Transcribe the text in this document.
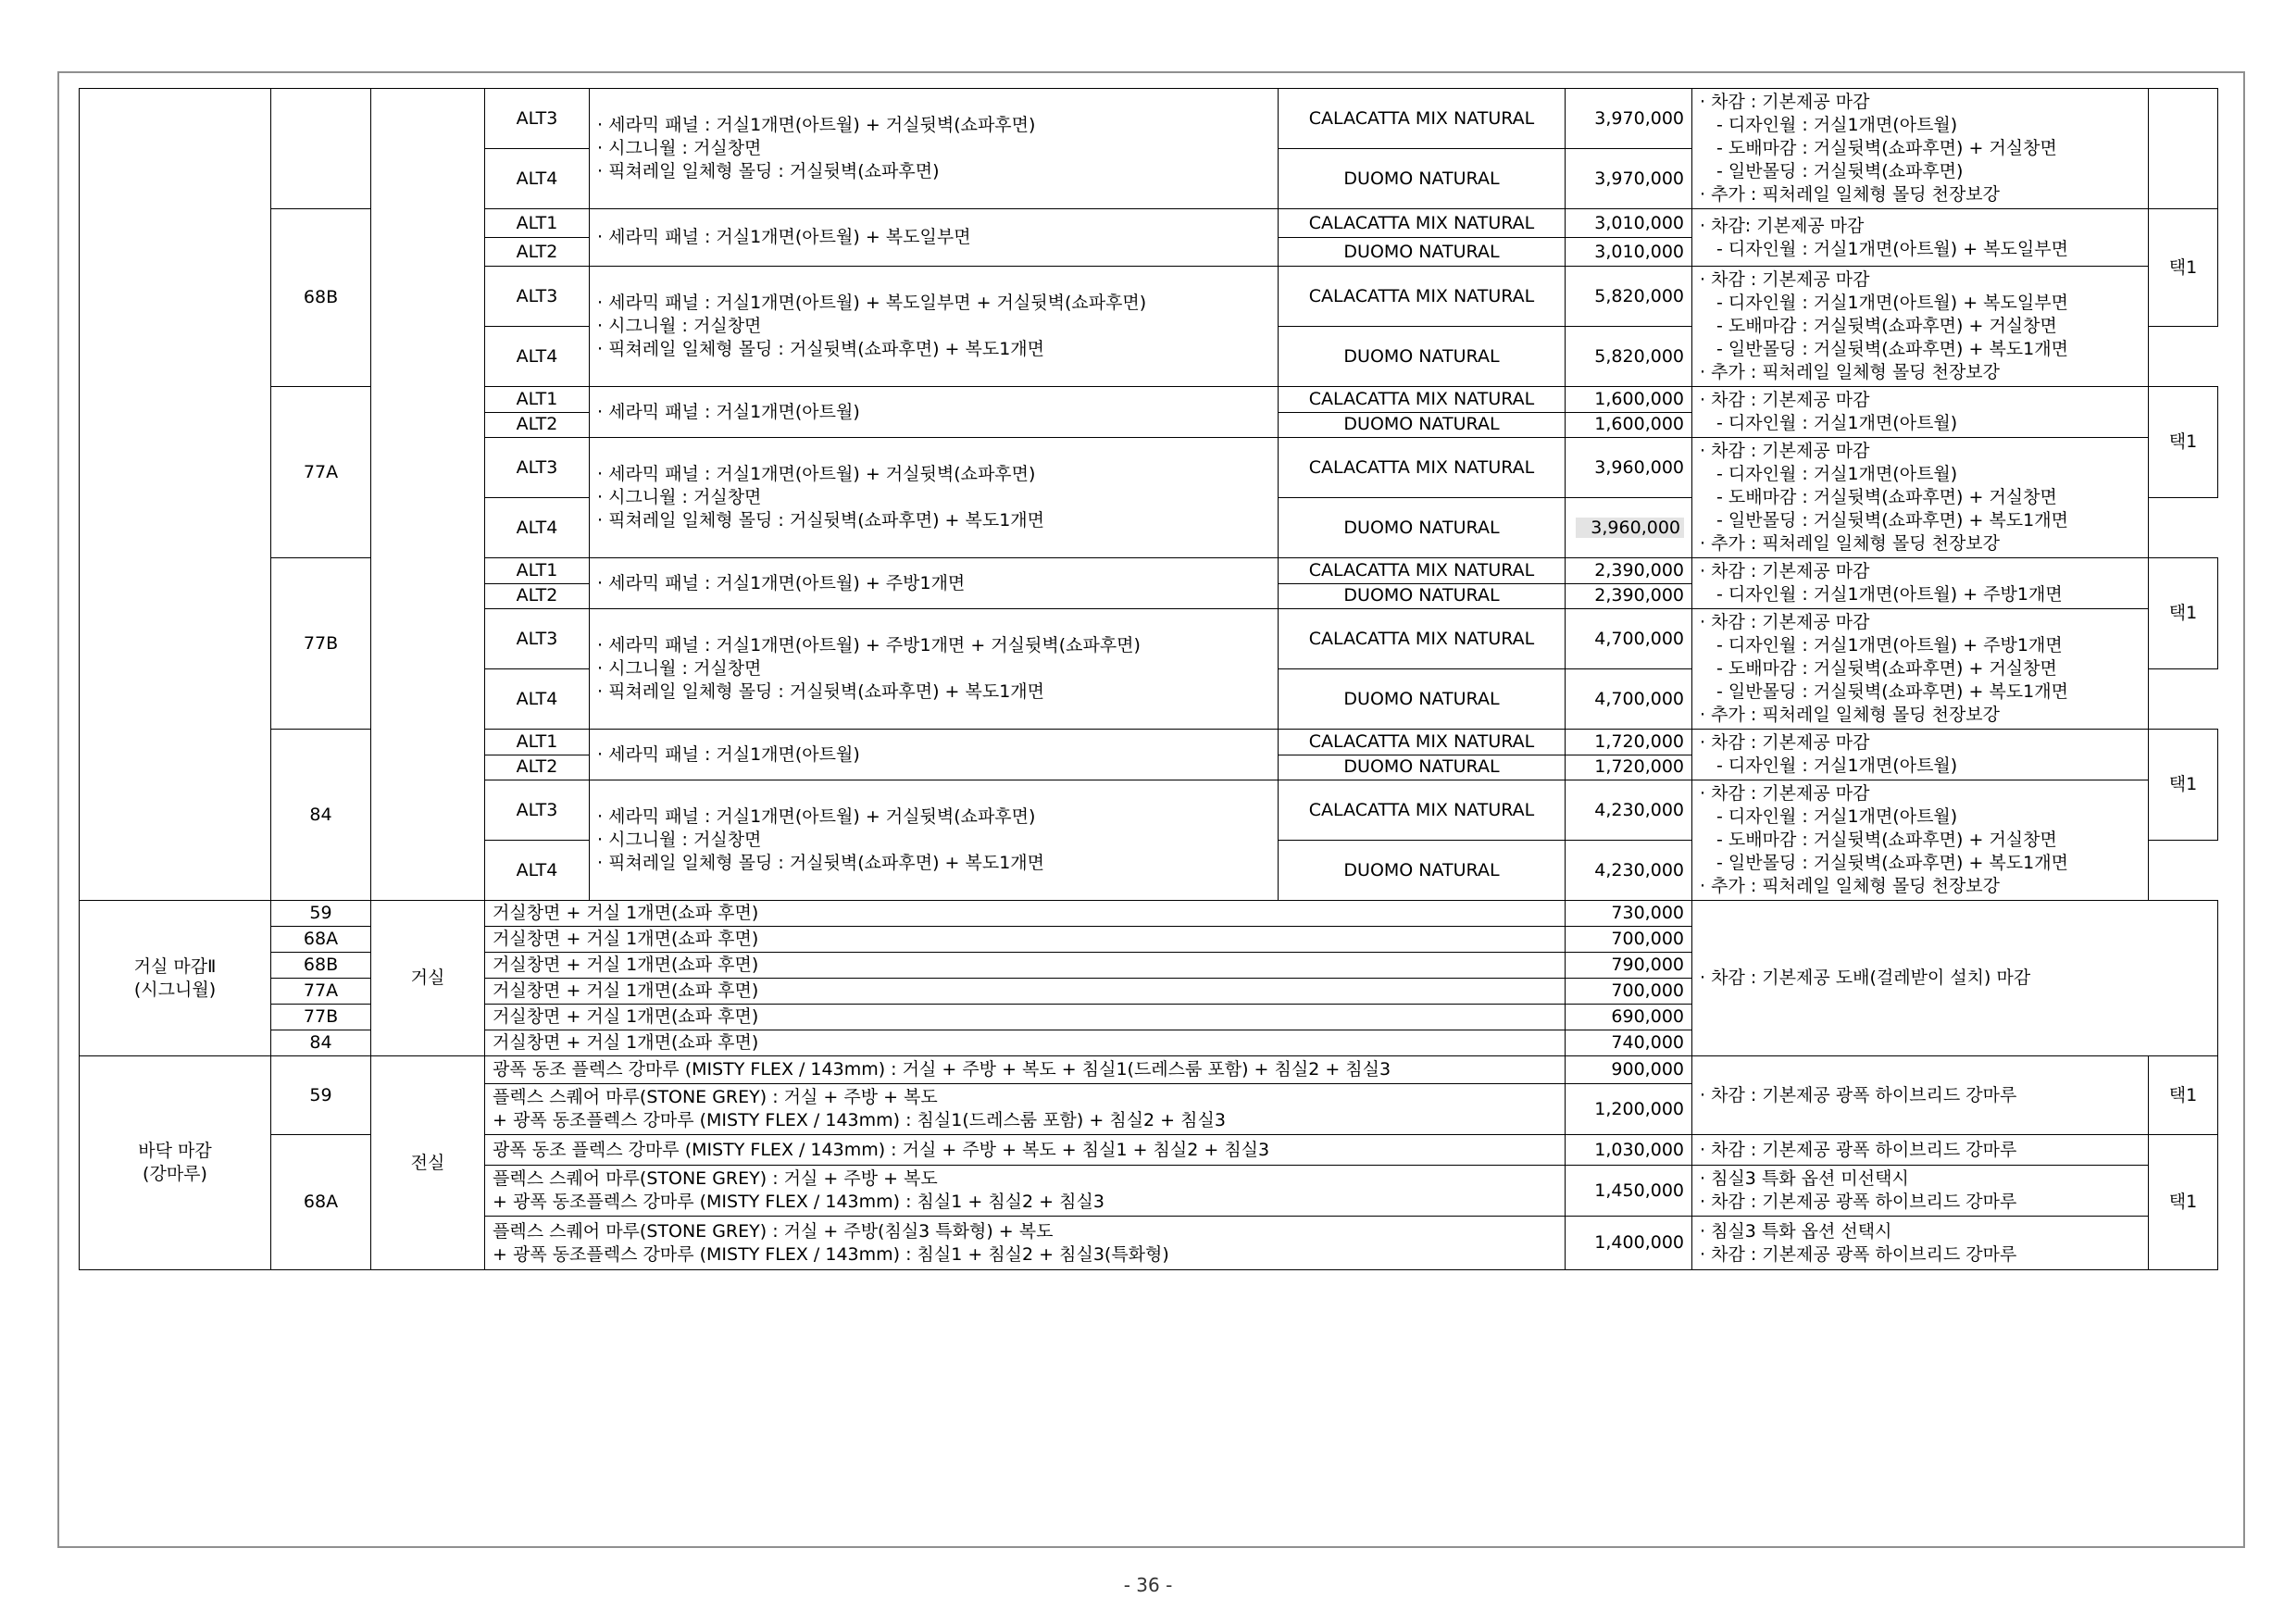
			ALT3	· 세라믹 패널 : 거실1개면(아트월) + 거실뒷벽(쇼파후면)
· 시그니월 : 거실창면
· 픽쳐레일 일체형 몰딩 : 거실뒷벽(쇼파후면)	CALACATTA MIX NATURAL	3,970,000	· 차감 : 기본제공 마감
- 디자인월 : 거실1개면(아트월)
- 도배마감 : 거실뒷벽(쇼파후면) + 거실창면
- 일반몰딩 : 거실뒷벽(쇼파후면)
· 추가 : 픽처레일 일체형 몰딩 천장보강	

			ALT4		DUOMO NATURAL	3,970,000		
	68B		ALT1	· 세라믹 패널 : 거실1개면(아트월) + 복도일부면	CALACATTA MIX NATURAL	3,010,000	· 차감: 기본제공 마감
- 디자인월 : 거실1개면(아트월) + 복도일부면	택1
			ALT2		DUOMO NATURAL	3,010,000		
			ALT3	· 세라믹 패널 : 거실1개면(아트월) + 복도일부면 + 거실뒷벽(쇼파후면)
· 시그니월 : 거실창면
· 픽쳐레일 일체형 몰딩 : 거실뒷벽(쇼파후면) + 복도1개면	CALACATTA MIX NATURAL	5,820,000	· 차감 : 기본제공 마감
- 디자인월 : 거실1개면(아트월) + 복도일부면
- 도배마감 : 거실뒷벽(쇼파후면) + 거실창면
- 일반몰딩 : 거실뒷벽(쇼파후면) + 복도1개면
· 추가 : 픽처레일 일체형 몰딩 천장보강	

			ALT4		DUOMO NATURAL	5,820,000		
	77A		ALT1	· 세라믹 패널 : 거실1개면(아트월)	CALACATTA MIX NATURAL	1,600,000	· 차감 : 기본제공 마감
- 디자인월 : 거실1개면(아트월)	택1
			ALT2		DUOMO NATURAL	1,600,000		
			ALT3	· 세라믹 패널 : 거실1개면(아트월) + 거실뒷벽(쇼파후면)
· 시그니월 : 거실창면
· 픽쳐레일 일체형 몰딩 : 거실뒷벽(쇼파후면) + 복도1개면	CALACATTA MIX NATURAL	3,960,000	· 차감 : 기본제공 마감
- 디자인월 : 거실1개면(아트월)
- 도배마감 : 거실뒷벽(쇼파후면) + 거실창면
- 일반몰딩 : 거실뒷벽(쇼파후면) + 복도1개면
· 추가 : 픽처레일 일체형 몰딩 천장보강	

			ALT4		DUOMO NATURAL	3,960,000		
	77B		ALT1	· 세라믹 패널 : 거실1개면(아트월) + 주방1개면	CALACATTA MIX NATURAL	2,390,000	· 차감 : 기본제공 마감
- 디자인월 : 거실1개면(아트월) + 주방1개면	택1
			ALT2		DUOMO NATURAL	2,390,000		
			ALT3	· 세라믹 패널 : 거실1개면(아트월) + 주방1개면 + 거실뒷벽(쇼파후면)
· 시그니월 : 거실창면
· 픽쳐레일 일체형 몰딩 : 거실뒷벽(쇼파후면) + 복도1개면	CALACATTA MIX NATURAL	4,700,000	· 차감 : 기본제공 마감
- 디자인월 : 거실1개면(아트월) + 주방1개면
- 도배마감 : 거실뒷벽(쇼파후면) + 거실창면
- 일반몰딩 : 거실뒷벽(쇼파후면) + 복도1개면
· 추가 : 픽처레일 일체형 몰딩 천장보강	

			ALT4		DUOMO NATURAL	4,700,000		
	84		ALT1	· 세라믹 패널 : 거실1개면(아트월)	CALACATTA MIX NATURAL	1,720,000	· 차감 : 기본제공 마감
- 디자인월 : 거실1개면(아트월)	택1
			ALT2		DUOMO NATURAL	1,720,000		
			ALT3	· 세라믹 패널 : 거실1개면(아트월) + 거실뒷벽(쇼파후면)
· 시그니월 : 거실창면
· 픽쳐레일 일체형 몰딩 : 거실뒷벽(쇼파후면) + 복도1개면	CALACATTA MIX NATURAL	4,230,000	· 차감 : 기본제공 마감
- 디자인월 : 거실1개면(아트월)
- 도배마감 : 거실뒷벽(쇼파후면) + 거실창면
- 일반몰딩 : 거실뒷벽(쇼파후면) + 복도1개면
· 추가 : 픽처레일 일체형 몰딩 천장보강	

			ALT4		DUOMO NATURAL	4,230,000		

거실 마감Ⅱ
(시그니월)	59	거실	거실창면 + 거실 1개면(쇼파 후면)			730,000	· 차감 : 기본제공 도배(걸레받이 설치) 마감	

	68A		거실창면 + 거실 1개면(쇼파 후면)			700,000		
	68B		거실창면 + 거실 1개면(쇼파 후면)			790,000		
	77A		거실창면 + 거실 1개면(쇼파 후면)			700,000		
	77B		거실창면 + 거실 1개면(쇼파 후면)			690,000		
	84		거실창면 + 거실 1개면(쇼파 후면)			740,000		

바닥 마감
(강마루)	59	전실	광폭 동조 플렉스 강마루 (MISTY FLEX / 143mm) : 거실 + 주방 + 복도 + 침실1(드레스룸 포함) + 침실2 + 침실3			900,000	· 차감 : 기본제공 광폭 하이브리드 강마루	택1

			플렉스 스퀘어 마루(STONE GREY) : 거실 + 주방 + 복도
+ 광폭 동조플렉스 강마루 (MISTY FLEX / 143mm) : 침실1(드레스룸 포함) + 침실2 + 침실3			1,200,000		
	68A		광폭 동조 플렉스 강마루 (MISTY FLEX / 143mm) : 거실 + 주방 + 복도 + 침실1 + 침실2 + 침실3			1,030,000	· 차감 : 기본제공 광폭 하이브리드 강마루	택1

			플렉스 스퀘어 마루(STONE GREY) : 거실 + 주방 + 복도
+ 광폭 동조플렉스 강마루 (MISTY FLEX / 143mm) : 침실1 + 침실2 + 침실3			1,450,000	· 침실3 특화 옵션 미선택시
· 차감 : 기본제공 광폭 하이브리드 강마루	

			플렉스 스퀘어 마루(STONE GREY) : 거실 + 주방(침실3 특화형) + 복도
+ 광폭 동조플렉스 강마루 (MISTY FLEX / 143mm) : 침실1 + 침실2 + 침실3(특화형)			1,400,000	· 침실3 특화 옵션 선택시
· 차감 : 기본제공 광폭 하이브리드 강마루	
- 36 -
